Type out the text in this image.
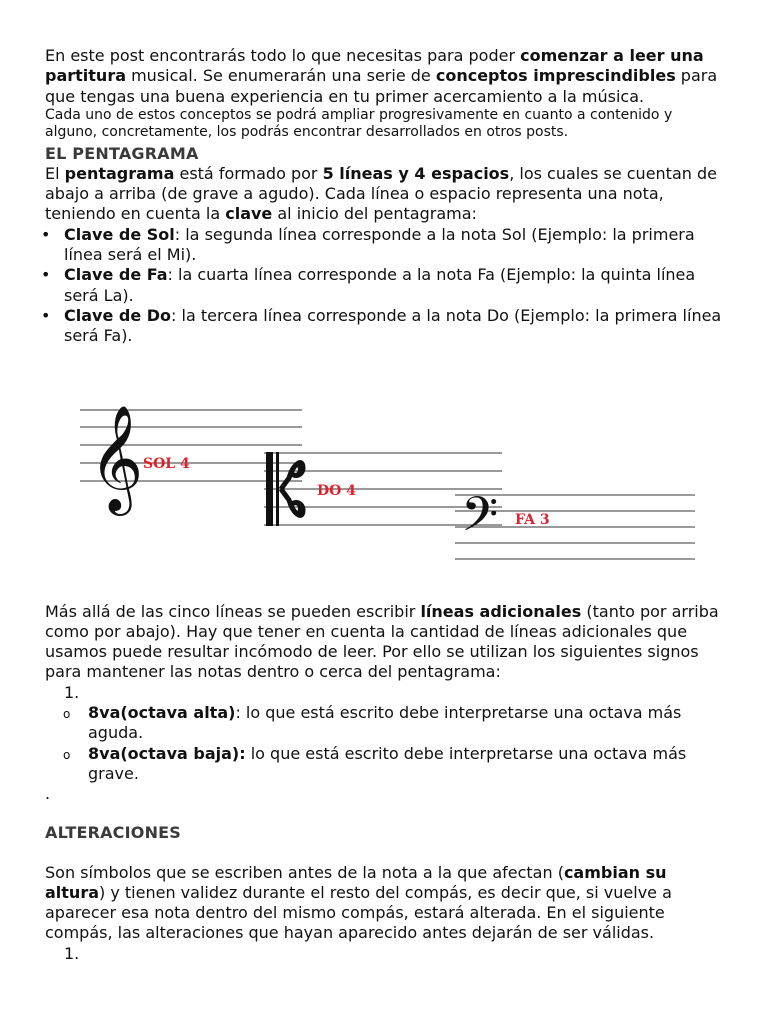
En este post encontrarás todo lo que necesitas para poder comenzar a leer una partitura musical. Se enumerarán una serie de conceptos imprescindibles para que tengas una buena experiencia en tu primer acercamiento a la música.

Cada uno de estos conceptos se podrá ampliar progresivamente en cuanto a contenido y alguno, concretamente, los podrás encontrar desarrollados en otros posts.

EL PENTAGRAMA

El pentagrama está formado por 5 líneas y 4 espacios, los cuales se cuentan de abajo a arriba (de grave a agudo). Cada línea o espacio representa una nota, teniendo en cuenta la clave al inicio del pentagrama:

• Clave de Sol: la segunda línea corresponde a la nota Sol (Ejemplo: la primera línea será el Mi).
• Clave de Fa: la cuarta línea corresponde a la nota Fa (Ejemplo: la quinta línea será La).
• Clave de Do: la tercera línea corresponde a la nota Do (Ejemplo: la primera línea será Fa).
𝄞
𝄢
SOL 4
DO 4
FA 3

Más allá de las cinco líneas se pueden escribir líneas adicionales (tanto por arriba como por abajo). Hay que tener en cuenta la cantidad de líneas adicionales que usamos puede resultar incómodo de leer. Por ello se utilizan los siguientes signos para mantener las notas dentro o cerca del pentagrama:

1.
o 8va(octava alta): lo que está escrito debe interpretarse una octava más aguda.
o 8va(octava baja): lo que está escrito debe interpretarse una octava más grave.

.

ALTERACIONES

Son símbolos que se escriben antes de la nota a la que afectan (cambian su altura) y tienen validez durante el resto del compás, es decir que, si vuelve a aparecer esa nota dentro del mismo compás, estará alterada. En el siguiente compás, las alteraciones que hayan aparecido antes dejarán de ser válidas.

1.
